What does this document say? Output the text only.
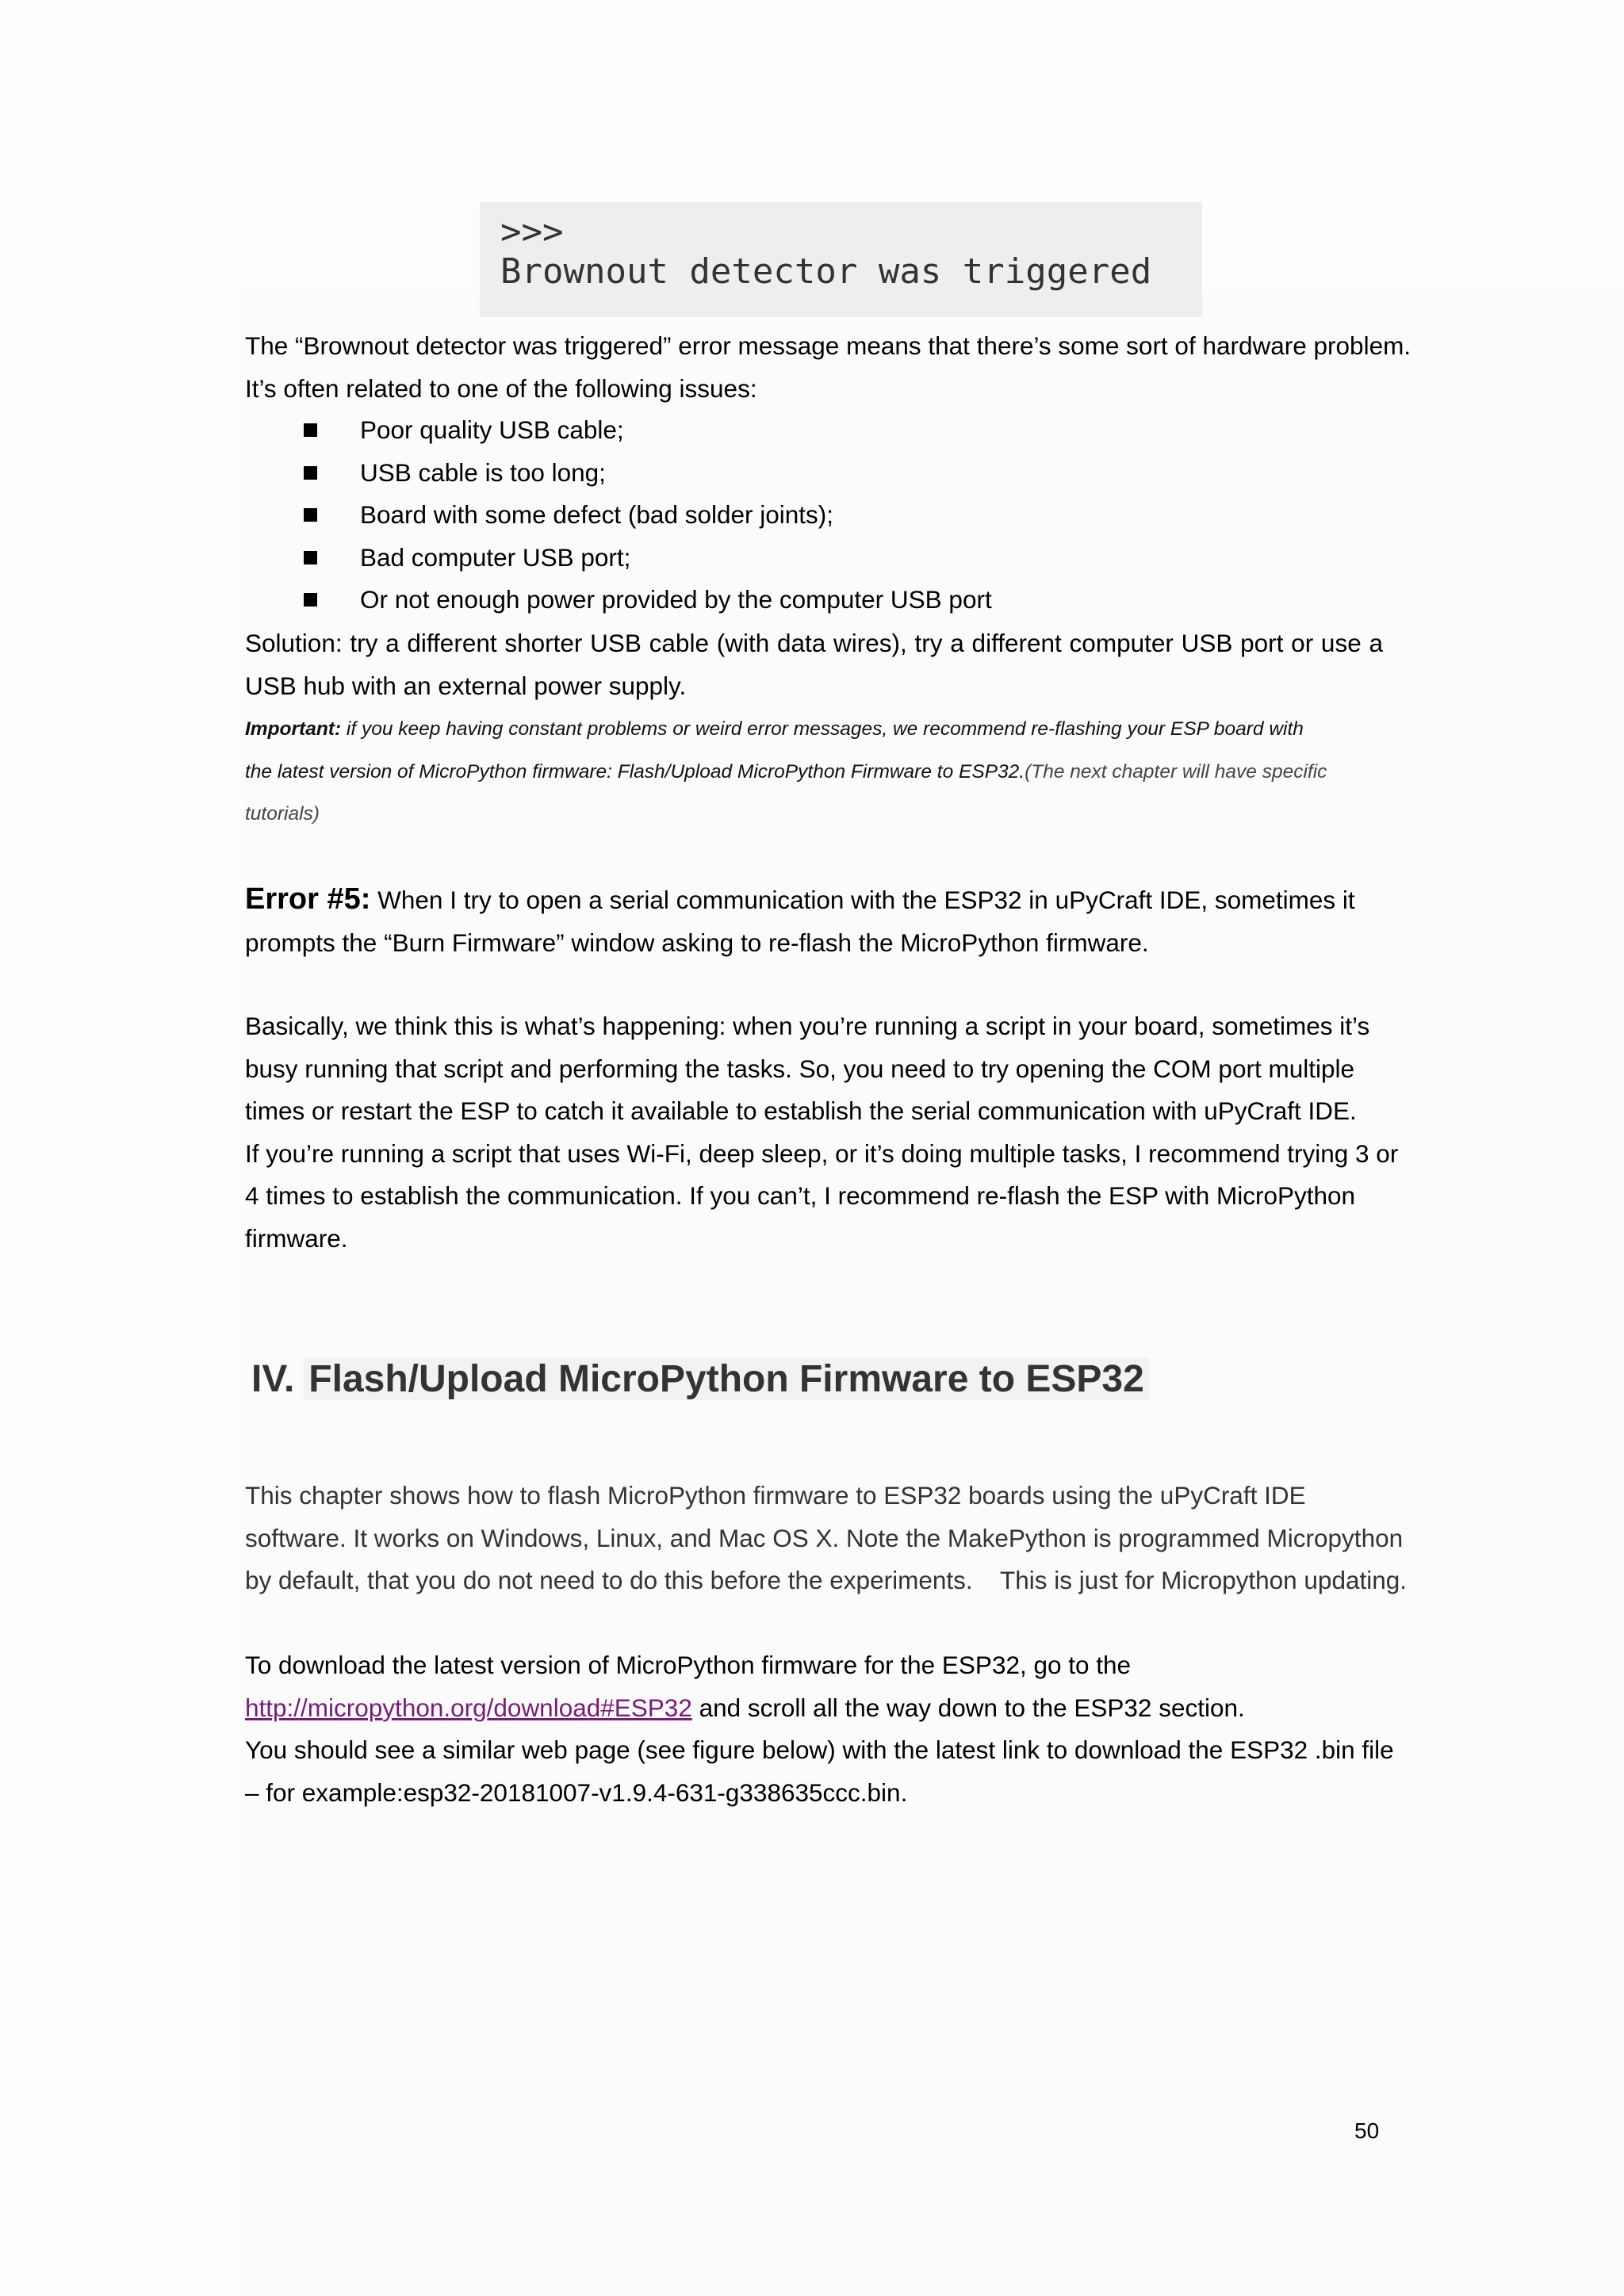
>>>
Brownout detector was triggered
The “Brownout detector was triggered” error message means that there’s some sort of hardware problem.
It’s often related to one of the following issues:
Poor quality USB cable;
USB cable is too long;
Board with some defect (bad solder joints);
Bad computer USB port;
Or not enough power provided by the computer USB port
Solution: try a different shorter USB cable (with data wires), try a different computer USB port or use a
USB hub with an external power supply.
Important: if you keep having constant problems or weird error messages, we recommend re-flashing your ESP board with
the latest version of MicroPython firmware: Flash/Upload MicroPython Firmware to ESP32.(The next chapter will have specific
tutorials)
Error #5: When I try to open a serial communication with the ESP32 in uPyCraft IDE, sometimes it
prompts the “Burn Firmware” window asking to re-flash the MicroPython firmware.
Basically, we think this is what’s happening: when you’re running a script in your board, sometimes it’s
busy running that script and performing the tasks. So, you need to try opening the COM port multiple
times or restart the ESP to catch it available to establish the serial communication with uPyCraft IDE.
If you’re running a script that uses Wi-Fi, deep sleep, or it’s doing multiple tasks, I recommend trying 3 or
4 times to establish the communication. If you can’t, I recommend re-flash the ESP with MicroPython
firmware.
IV. Flash/Upload MicroPython Firmware to ESP32
This chapter shows how to flash MicroPython firmware to ESP32 boards using the uPyCraft IDE
software. It works on Windows, Linux, and Mac OS X. Note the MakePython is programmed Micropython
by default, that you do not need to do this before the experiments.    This is just for Micropython updating.
To download the latest version of MicroPython firmware for the ESP32, go to the
http://micropython.org/download#ESP32 and scroll all the way down to the ESP32 section.
You should see a similar web page (see figure below) with the latest link to download the ESP32 .bin file
– for example:esp32-20181007-v1.9.4-631-g338635ccc.bin.
50
